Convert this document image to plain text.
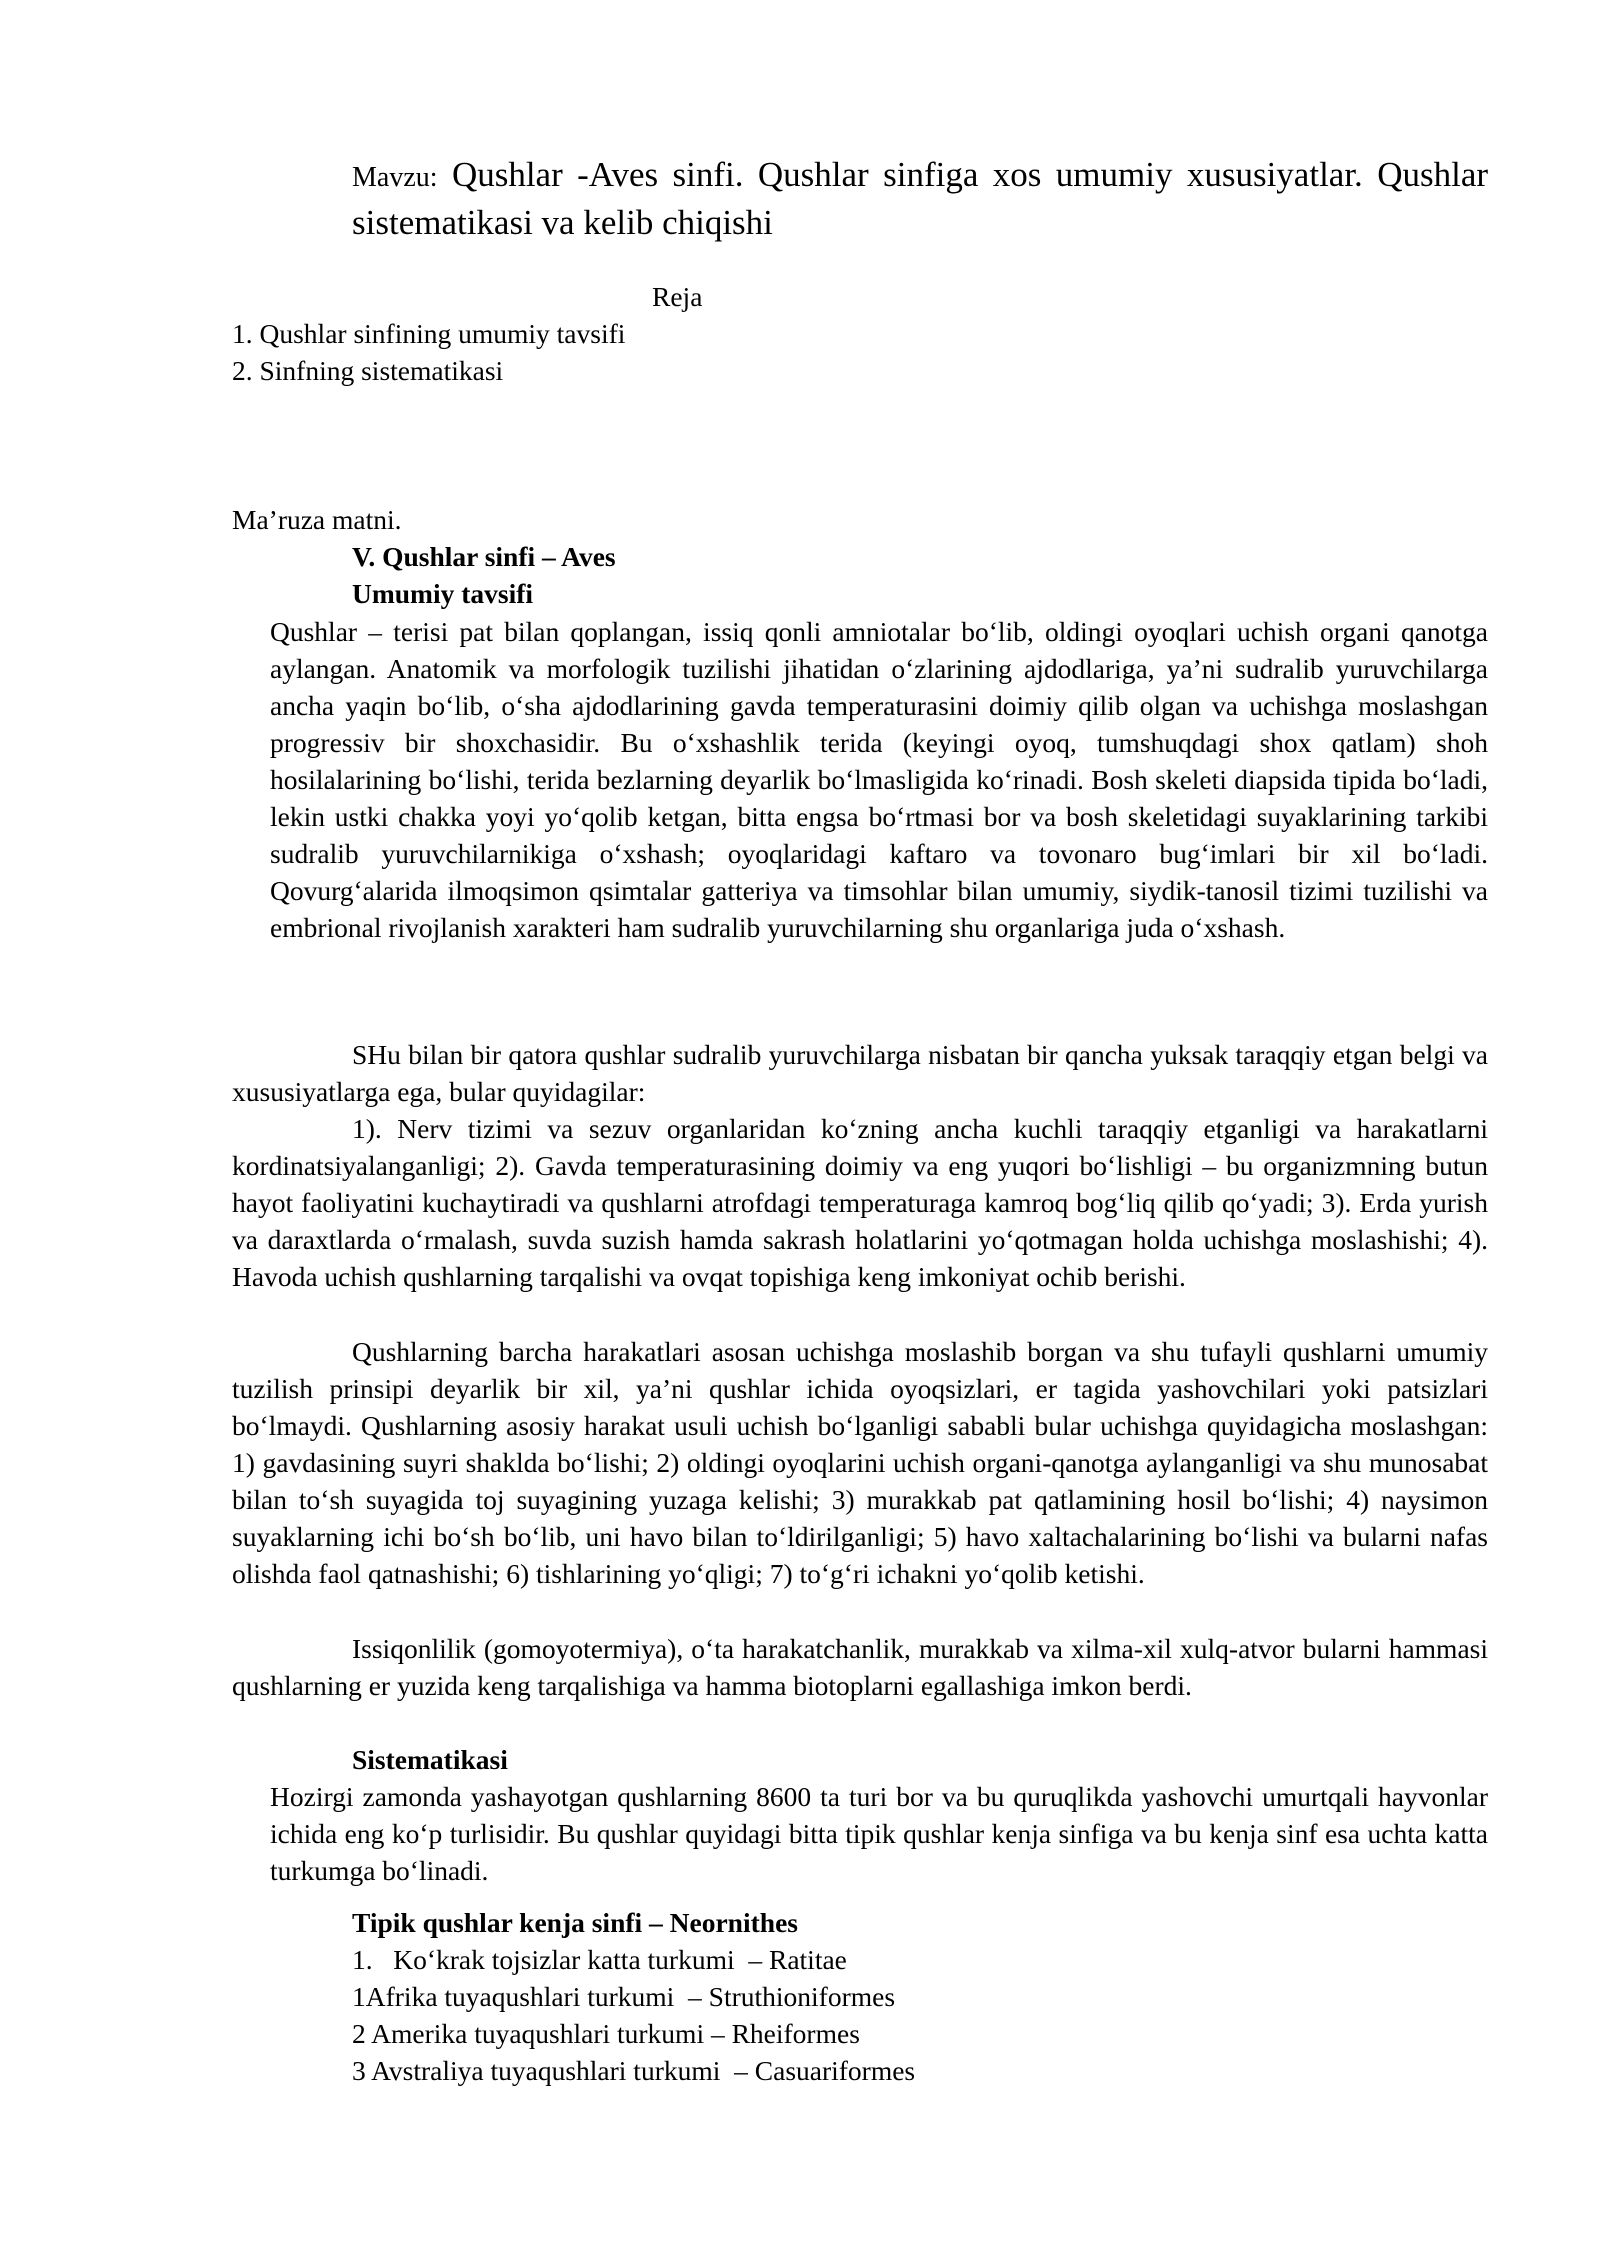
Mavzu: Qushlar -Aves sinfi. Qushlar sinfiga xos umumiy xususiyatlar. Qushlar sistematikasi va kelib chiqishi
Reja
1. Qushlar sinfining umumiy tavsifi
2. Sinfning sistematikasi
Ma’ruza matni.
V. Qushlar sinfi – Aves
Umumiy tavsifi

Qushlar – terisi pat bilan qoplangan, issiq qonli amniotalar bo‘lib, oldingi oyoqlari uchish organi qanotga aylangan. Anatomik va morfologik tuzilishi jihatidan o‘zlarining ajdodlariga, ya’ni sudralib yuruvchilarga ancha yaqin bo‘lib, o‘sha ajdodlarining gavda temperaturasini doimiy qilib olgan va uchishga moslashgan progressiv bir shoxchasidir. Bu o‘xshashlik terida (keyingi oyoq, tumshuqdagi shox qatlam) shoh hosilalarining bo‘lishi, terida bezlarning deyarlik bo‘lmasligida ko‘rinadi. Bosh skeleti diapsida tipida bo‘ladi, lekin ustki chakka yoyi yo‘qolib ketgan, bitta engsa bo‘rtmasi bor va bosh skeletidagi suyaklarining tarkibi sudralib yuruvchilarnikiga o‘xshash; oyoqlaridagi kaftaro va tovonaro bug‘imlari bir xil bo‘ladi. Qovurg‘alarida ilmoqsimon qsimtalar gatteriya va timsohlar bilan umumiy, siydik-tanosil tizimi tuzilishi va embrional rivojlanish xarakteri ham sudralib yuruvchilarning shu organlariga juda o‘xshash.

SHu bilan bir qatora qushlar sudralib yuruvchilarga nisbatan bir qancha yuksak taraqqiy etgan belgi va xususiyatlarga ega, bular quyidagilar:

1). Nerv tizimi va sezuv organlaridan ko‘zning ancha kuchli taraqqiy etganligi va harakatlarni kordinatsiyalanganligi; 2). Gavda temperaturasining doimiy va eng yuqori bo‘lishligi – bu organizmning butun hayot faoliyatini kuchaytiradi va qushlarni atrofdagi temperaturaga kamroq bog‘liq qilib qo‘yadi; 3). Erda yurish va daraxtlarda o‘rmalash, suvda suzish hamda sakrash holatlarini yo‘qotmagan holda uchishga moslashishi; 4). Havoda uchish qushlarning tarqalishi va ovqat topishiga keng imkoniyat ochib berishi.

Qushlarning barcha harakatlari asosan uchishga moslashib borgan va shu tufayli qushlarni umumiy tuzilish prinsipi deyarlik bir xil, ya’ni qushlar ichida oyoqsizlari, er tagida yashovchilari yoki patsizlari bo‘lmaydi. Qushlarning asosiy harakat usuli uchish bo‘lganligi sababli bular uchishga quyidagicha moslashgan: 1) gavdasining suyri shaklda bo‘lishi; 2) oldingi oyoqlarini uchish organi-qanotga aylanganligi va shu munosabat bilan to‘sh suyagida toj suyagining yuzaga kelishi; 3) murakkab pat qatlamining hosil bo‘lishi; 4) naysimon suyaklarning ichi bo‘sh bo‘lib, uni havo bilan to‘ldirilganligi; 5) havo xaltachalarining bo‘lishi va bularni nafas olishda faol qatnashishi; 6) tishlarining yo‘qligi; 7) to‘g‘ri ichakni yo‘qolib ketishi.

Issiqonlilik (gomoyotermiya), o‘ta harakatchanlik, murakkab va xilma-xil xulq-atvor bularni hammasi qushlarning er yuzida keng tarqalishiga va hamma biotoplarni egallashiga imkon berdi.

Sistematikasi

Hozirgi zamonda yashayotgan qushlarning 8600 ta turi bor va bu quruqlikda yashovchi umurtqali hayvonlar ichida eng ko‘p turlisidir. Bu qushlar quyidagi bitta tipik qushlar kenja sinfiga va bu kenja sinf esa uchta katta turkumga bo‘linadi.

Tipik qushlar kenja sinfi – Neornithes
1.   Ko‘krak tojsizlar katta turkumi  – Ratitae
1Afrika tuyaqushlari turkumi  – Struthioniformes
2 Amerika tuyaqushlari turkumi – Rheiformes
3 Avstraliya tuyaqushlari turkumi  – Casuariformes
